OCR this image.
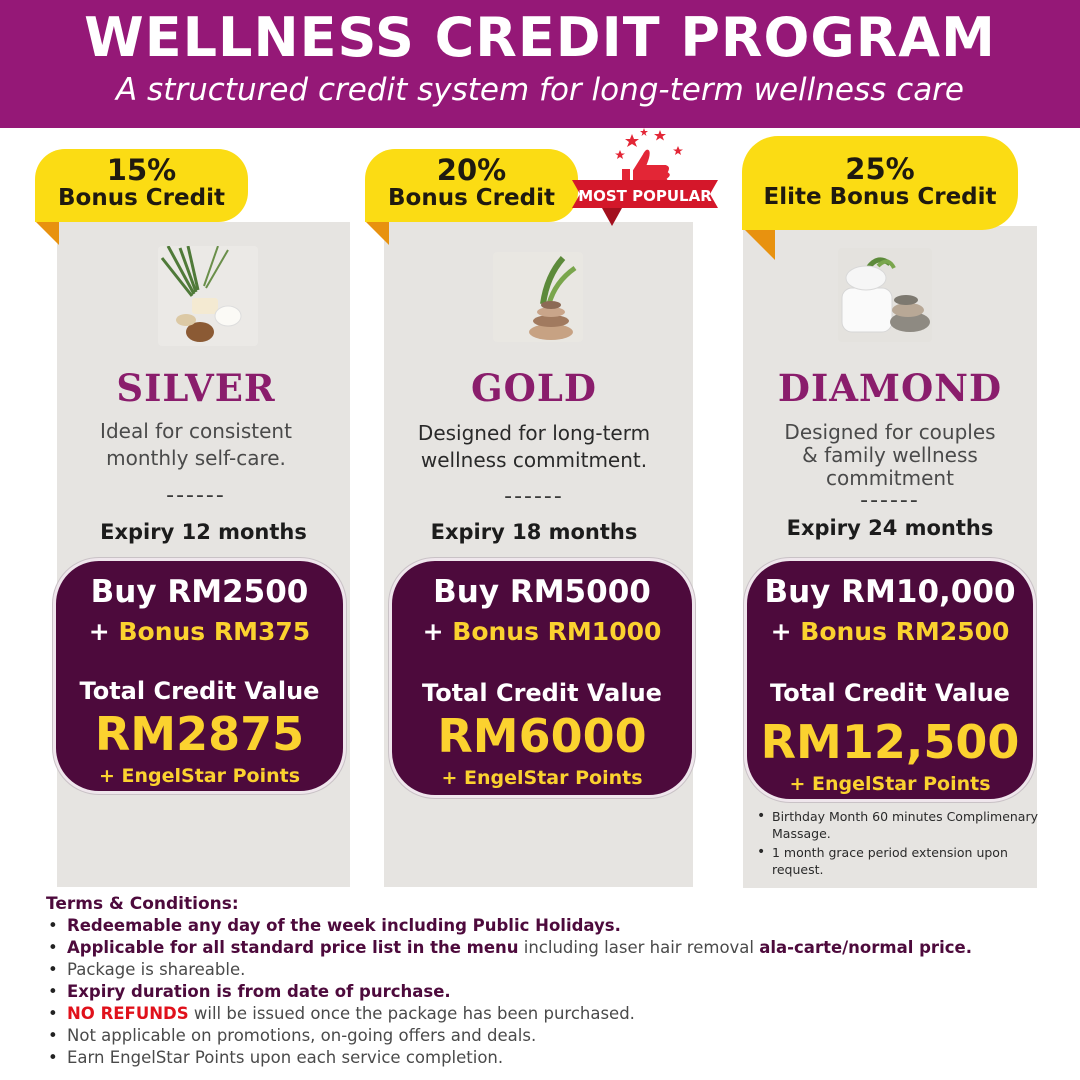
WELLNESS CREDIT PROGRAM
A structured credit system for long-term wellness care
15%
Bonus Credit
SILVER
Ideal for consistent
monthly self-care.
------
Expiry 12 months
Buy RM2500
+ Bonus RM375
Total Credit Value
RM2875
+ EngelStar Points
20%
Bonus Credit
GOLD
Designed for long-term
wellness commitment.
------
Expiry 18 months
Buy RM5000
+ Bonus RM1000
Total Credit Value
RM6000
+ EngelStar Points
MOST POPULAR
25%
Elite Bonus Credit
DIAMOND
Designed for couples
& family wellness
commitment
------
Expiry 24 months
Buy RM10,000
+ Bonus RM2500
Total Credit Value
RM12,500
+ EngelStar Points
• Birthday Month 60 minutes Complimenary Massage.
• 1 month grace period extension upon request.
Terms & Conditions:
• Redeemable any day of the week including Public Holidays.
• Applicable for all standard price list in the menu including laser hair removal ala-carte/normal price.
• Package is shareable.
• Expiry duration is from date of purchase.
• NO REFUNDS will be issued once the package has been purchased.
• Not applicable on promotions, on-going offers and deals.
• Earn EngelStar Points upon each service completion.
